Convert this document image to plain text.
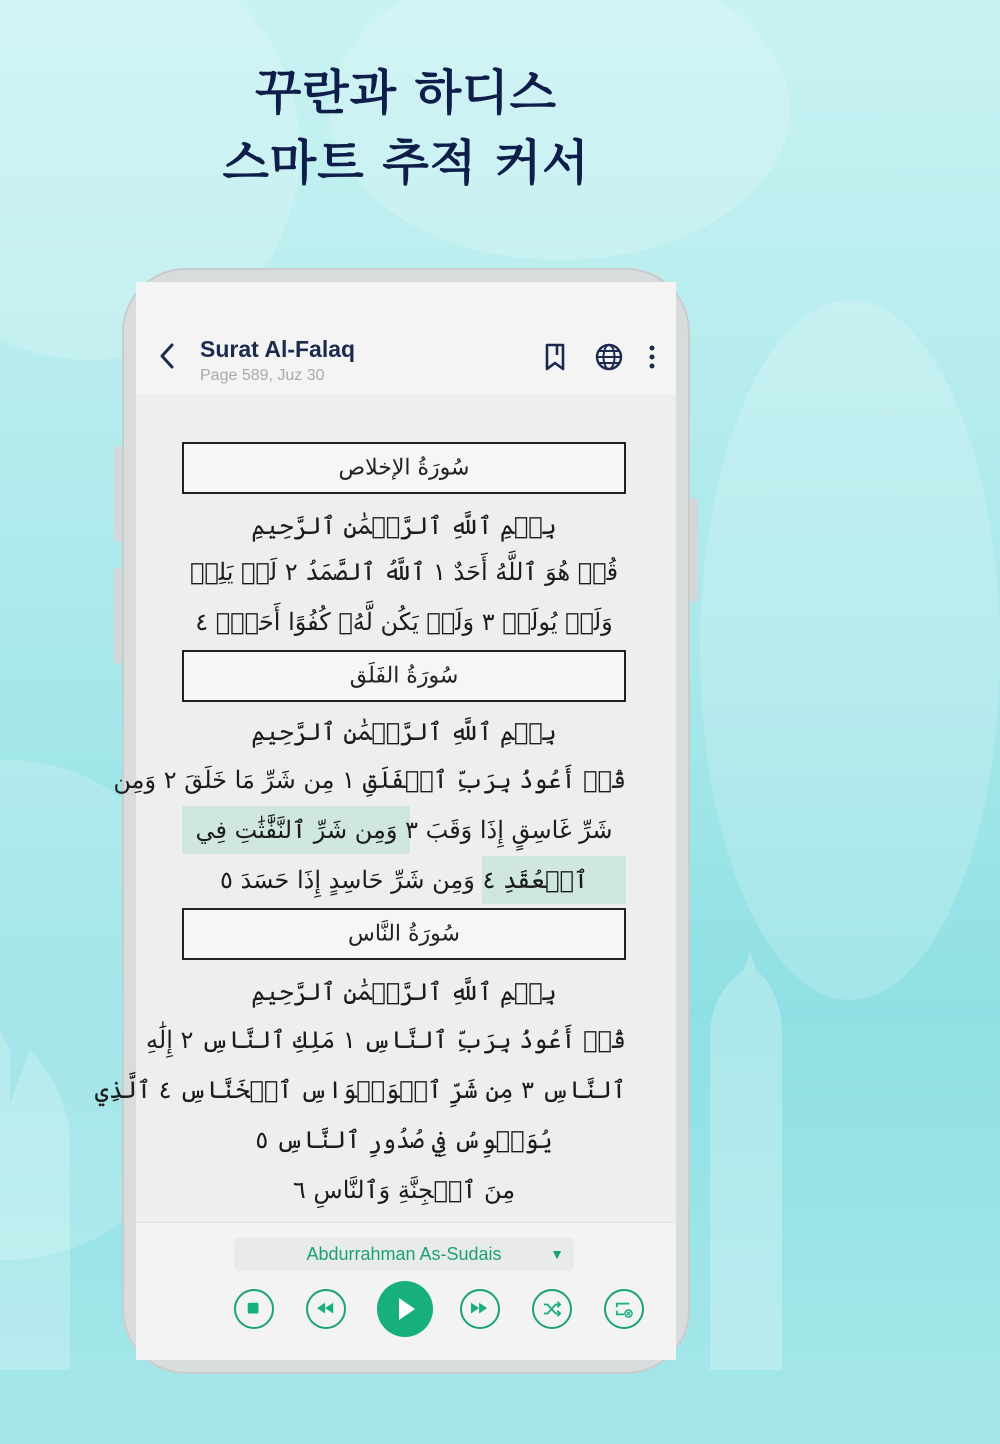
꾸란과 하디스
스마트 추적 커서
Surat Al-Falaq
Page 589, Juz 30
سُورَةُ الإخلاص
بِسۡمِ ٱللَّهِ ٱلرَّحۡمَٰنِ ٱلرَّحِيمِ
قُلۡ هُوَ ٱللَّهُ أَحَدٌ ١ ٱللَّهُ ٱلصَّمَدُ ٢ لَمۡ يَلِدۡ
وَلَمۡ يُولَدۡ ٣ وَلَمۡ يَكُن لَّهُۥ كُفُوًا أَحَدُۢ ٤
سُورَةُ الفَلَق
بِسۡمِ ٱللَّهِ ٱلرَّحۡمَٰنِ ٱلرَّحِيمِ
قُلۡ أَعُوذُ بِرَبِّ ٱلۡفَلَقِ ١ مِن شَرِّ مَا خَلَقَ ٢ وَمِن
شَرِّ غَاسِقٍ إِذَا وَقَبَ ٣ وَمِن شَرِّ ٱلنَّفَّٰثَٰتِ فِي
ٱلۡعُقَدِ ٤ وَمِن شَرِّ حَاسِدٍ إِذَا حَسَدَ ٥
سُورَةُ النَّاس
بِسۡمِ ٱللَّهِ ٱلرَّحۡمَٰنِ ٱلرَّحِيمِ
قُلۡ أَعُوذُ بِرَبِّ ٱلنَّاسِ ١ مَلِكِ ٱلنَّاسِ ٢ إِلَٰهِ
ٱلنَّاسِ ٣ مِن شَرِّ ٱلۡوَسۡوَاسِ ٱلۡخَنَّاسِ ٤ ٱلَّذِي
يُوَسۡوِسُ فِي صُدُورِ ٱلنَّاسِ ٥
مِنَ ٱلۡجِنَّةِ وَٱلنَّاسِ ٦
Abdurrahman As-Sudais	▼
